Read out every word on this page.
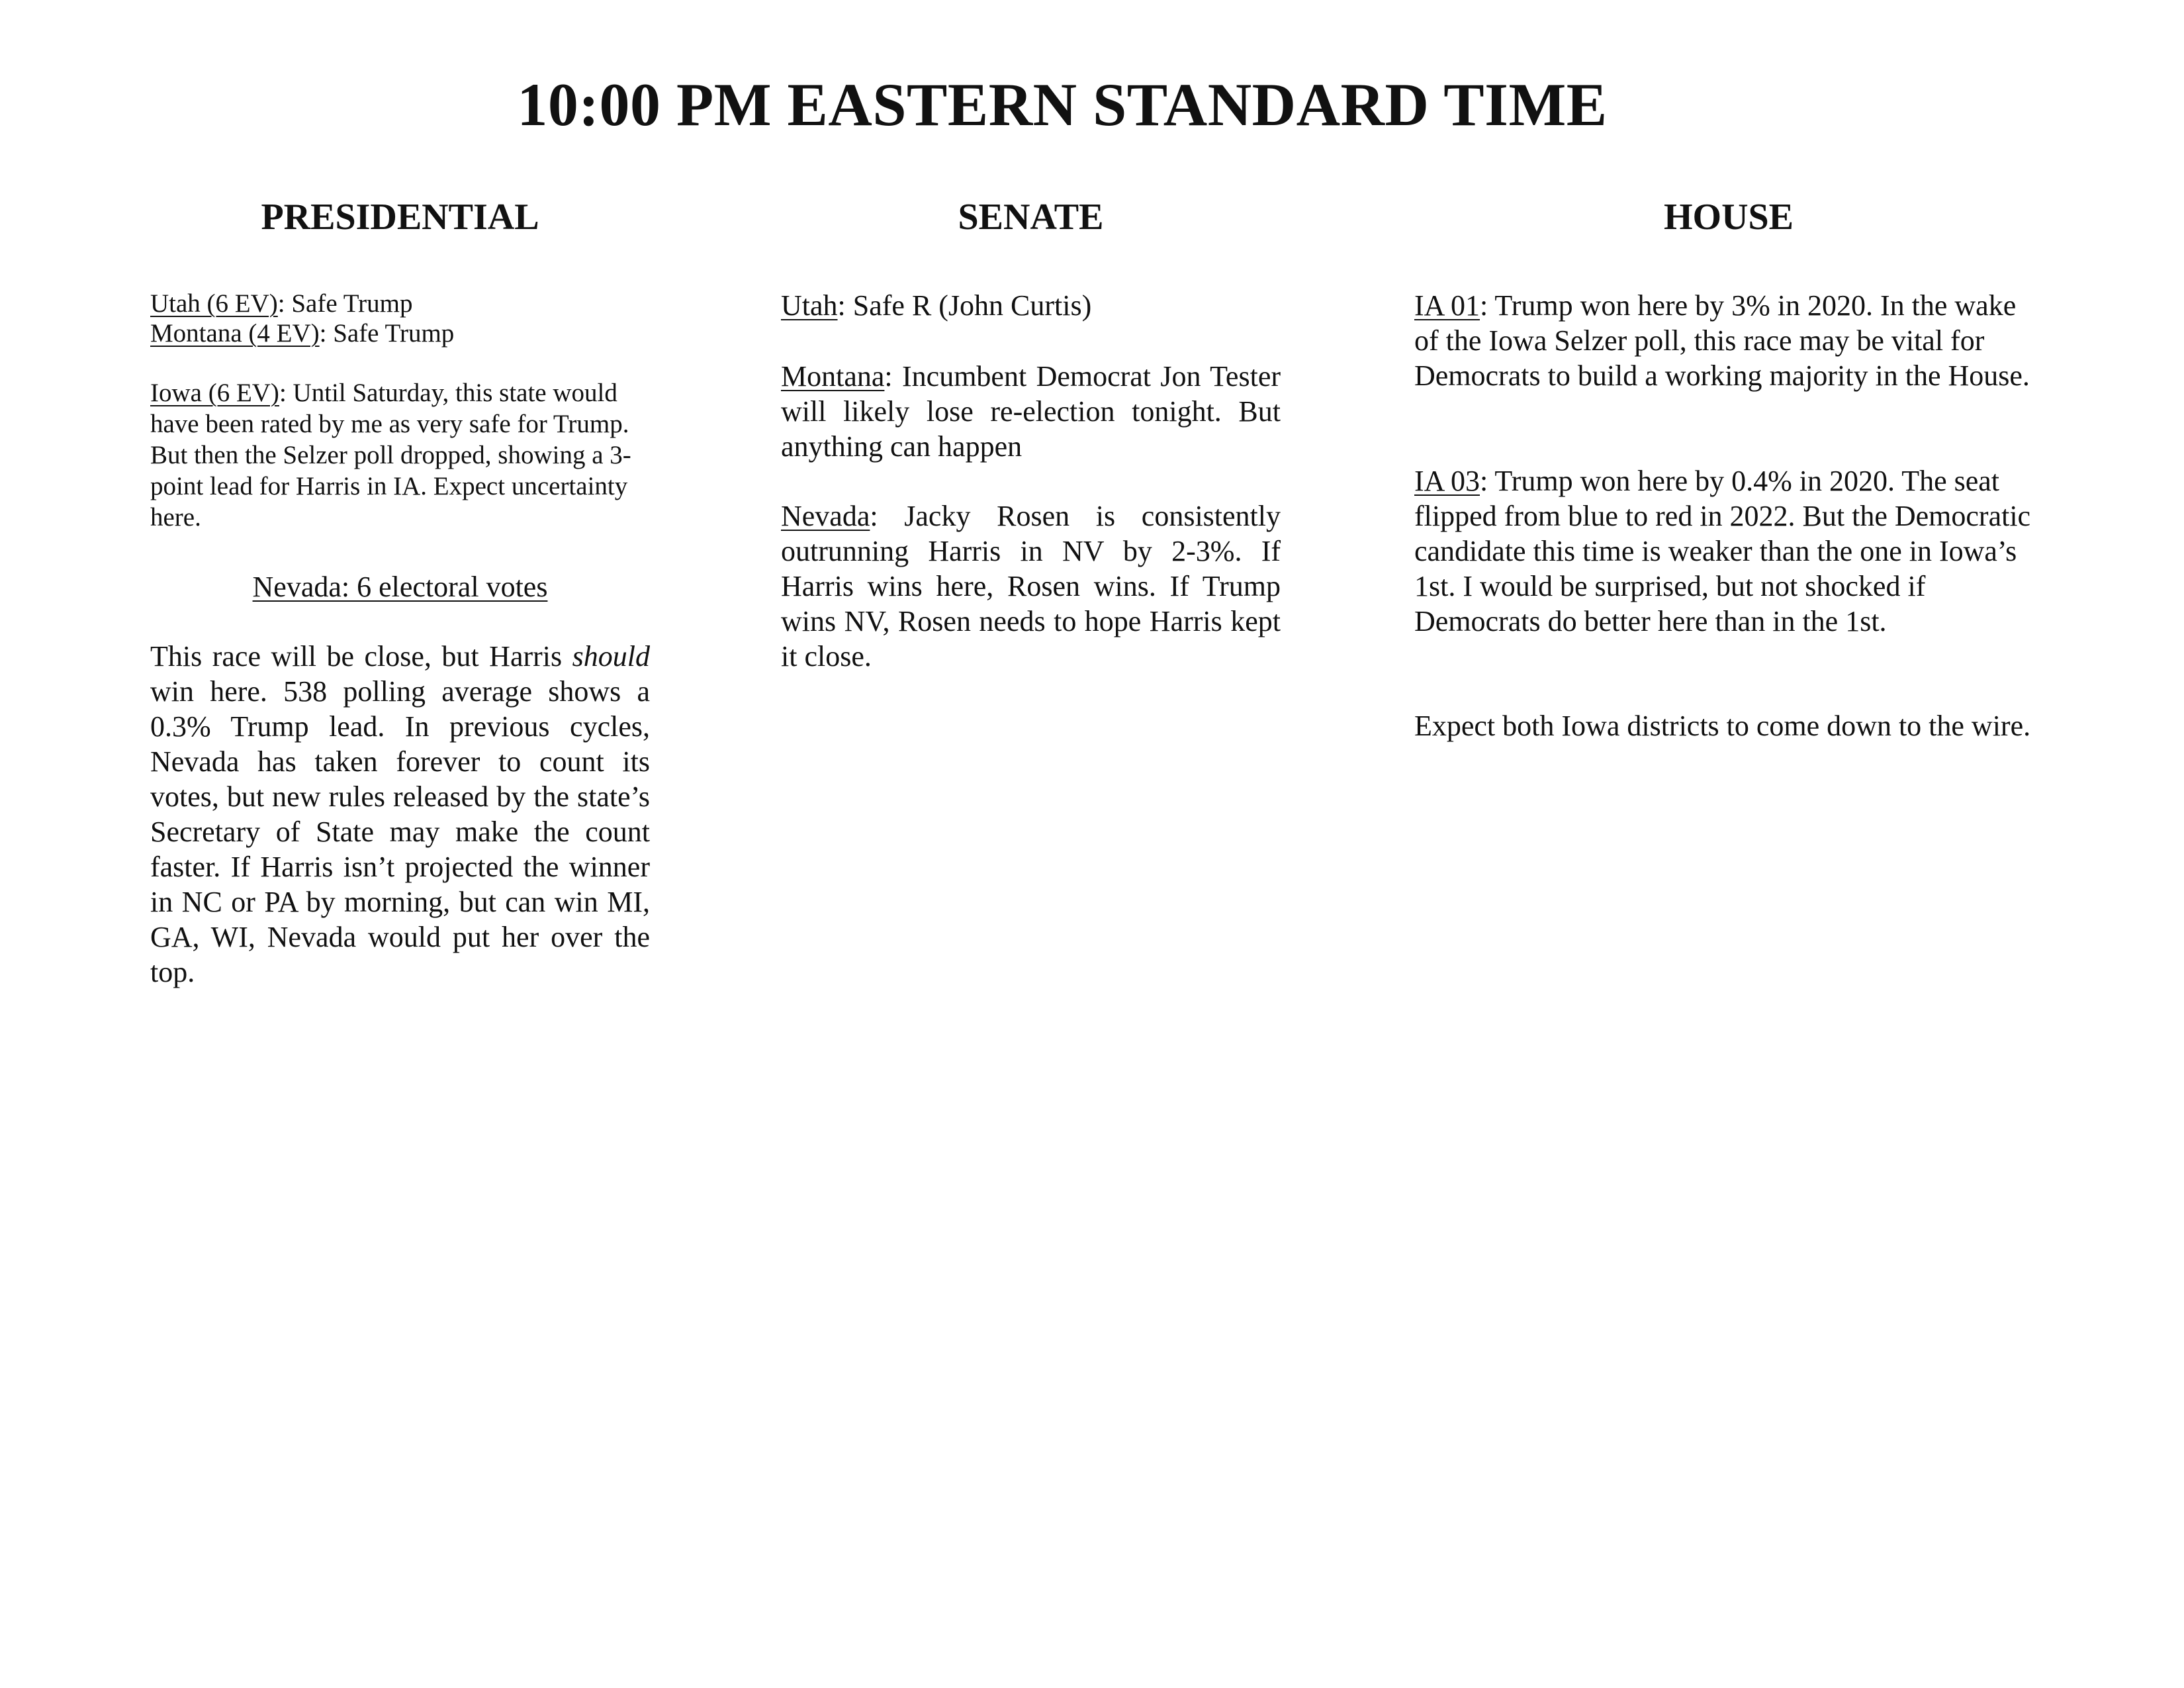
10:00 PM EASTERN STANDARD TIME
PRESIDENTIAL	SENATE	HOUSE

Utah (6 EV): Safe Trump

Montana (4 EV): Safe Trump

Iowa (6 EV): Until Saturday, this state would have been rated by me as very safe for Trump. But then the Selzer poll dropped, showing a 3-point lead for Harris in IA. Expect uncertainty here.

Nevada: 6 electoral votes

This race will be close, but Harris should win here. 538 polling average shows a 0.3% Trump lead. In previous cycles, Nevada has taken forever to count its votes, but new rules released by the state’s Secretary of State may make the count faster. If Harris isn’t projected the winner in NC or PA by morning, but can win MI, GA, WI, Nevada would put her over the top.

Utah: Safe R (John Curtis)

Montana: Incumbent Democrat Jon Tester will likely lose re-election tonight. But anything can happen

Nevada: Jacky Rosen is consistently outrunning Harris in NV by 2-3%. If Harris wins here, Rosen wins. If Trump wins NV, Rosen needs to hope Harris kept it close.

IA 01: Trump won here by 3% in 2020. In the wake of the Iowa Selzer poll, this race may be vital for Democrats to build a working majority in the House.

IA 03: Trump won here by 0.4% in 2020. The seat flipped from blue to red in 2022. But the Democratic candidate this time is weaker than the one in Iowa’s 1st. I would be surprised, but not shocked if Democrats do better here than in the 1st.

Expect both Iowa districts to come down to the wire.
